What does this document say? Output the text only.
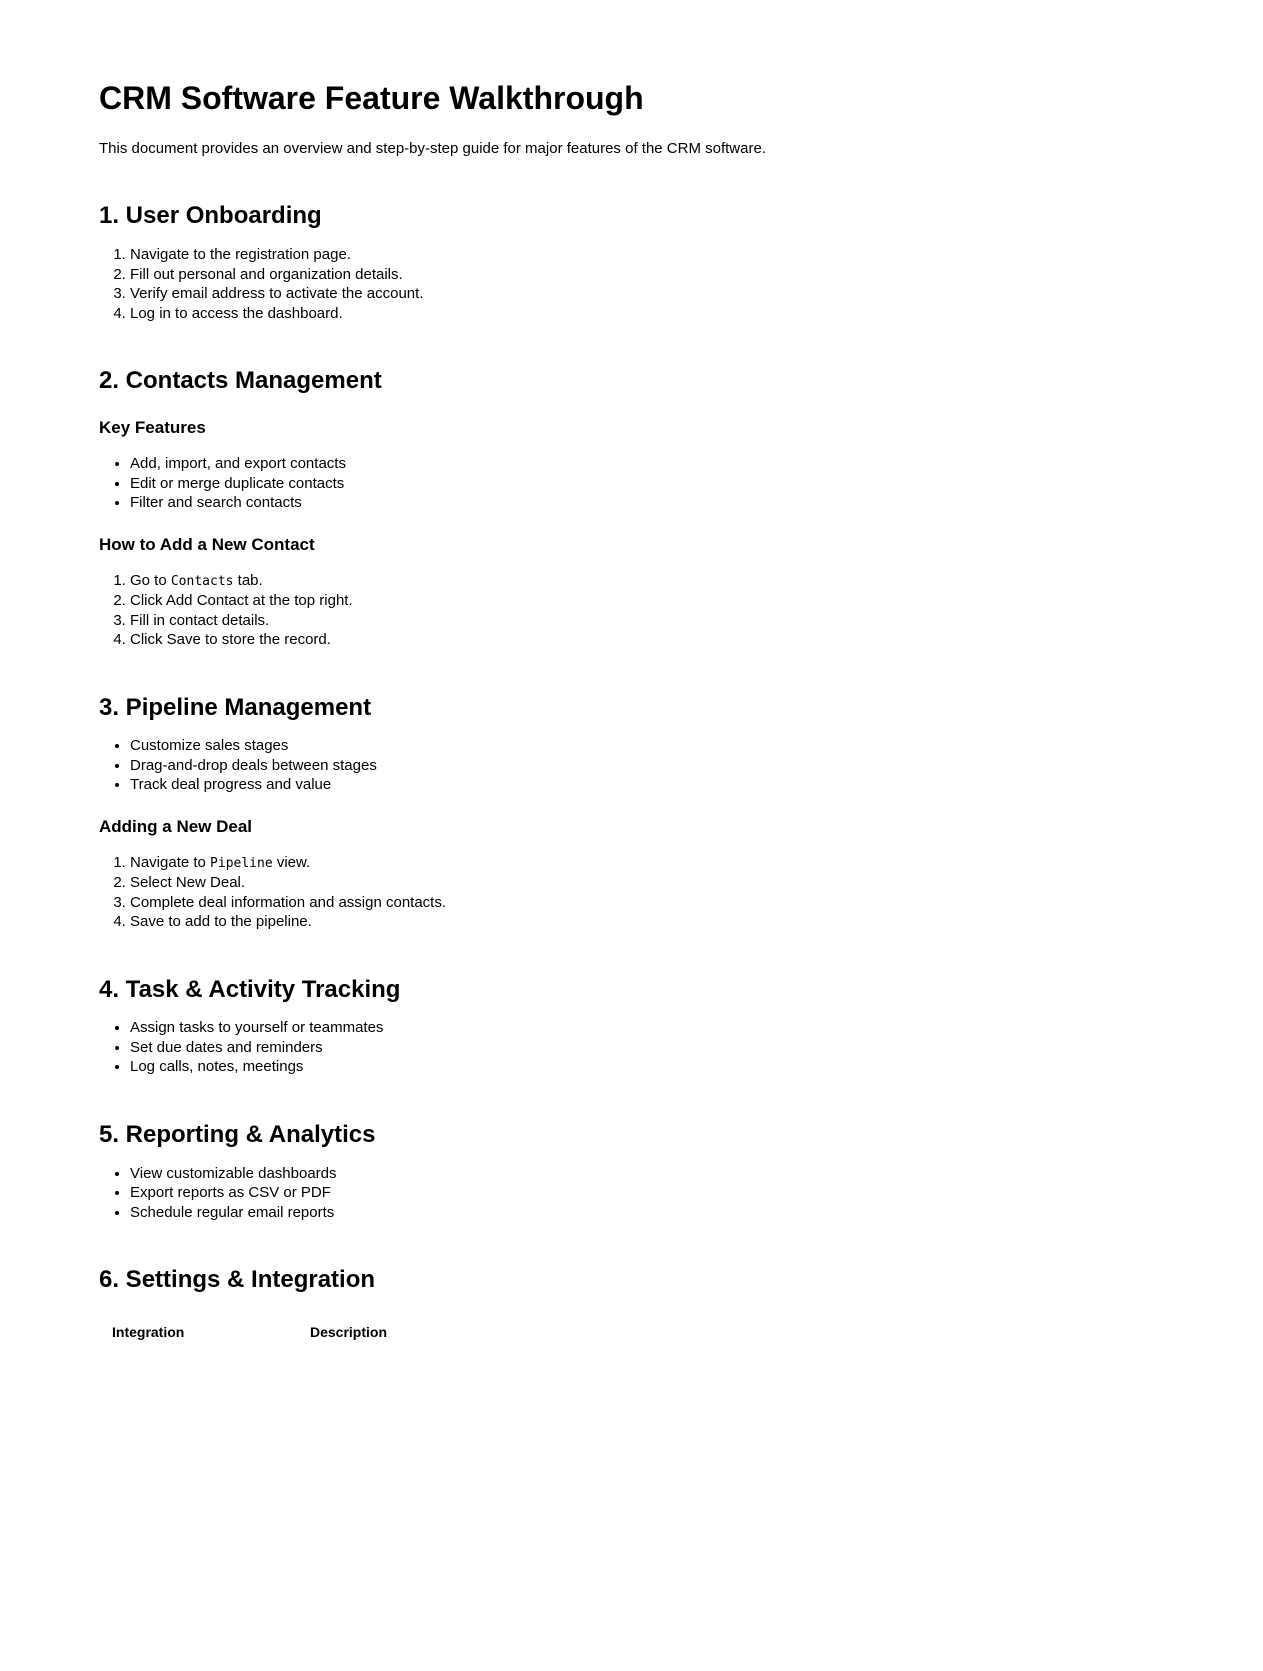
CRM Software Feature Walkthrough

This document provides an overview and step-by-step guide for major features of the CRM software.

1. User Onboarding
1. Navigate to the registration page.
2. Fill out personal and organization details.
3. Verify email address to activate the account.
4. Log in to access the dashboard.
2. Contacts Management
Key Features
• Add, import, and export contacts
• Edit or merge duplicate contacts
• Filter and search contacts
How to Add a New Contact
1. Go to Contacts tab.
2. Click Add Contact at the top right.
3. Fill in contact details.
4. Click Save to store the record.
3. Pipeline Management
• Customize sales stages
• Drag-and-drop deals between stages
• Track deal progress and value
Adding a New Deal
1. Navigate to Pipeline view.
2. Select New Deal.
3. Complete deal information and assign contacts.
4. Save to add to the pipeline.
4. Task & Activity Tracking
• Assign tasks to yourself or teammates
• Set due dates and reminders
• Log calls, notes, meetings
5. Reporting & Analytics
• View customizable dashboards
• Export reports as CSV or PDF
• Schedule regular email reports
6. Settings & Integration
Integration	Description
